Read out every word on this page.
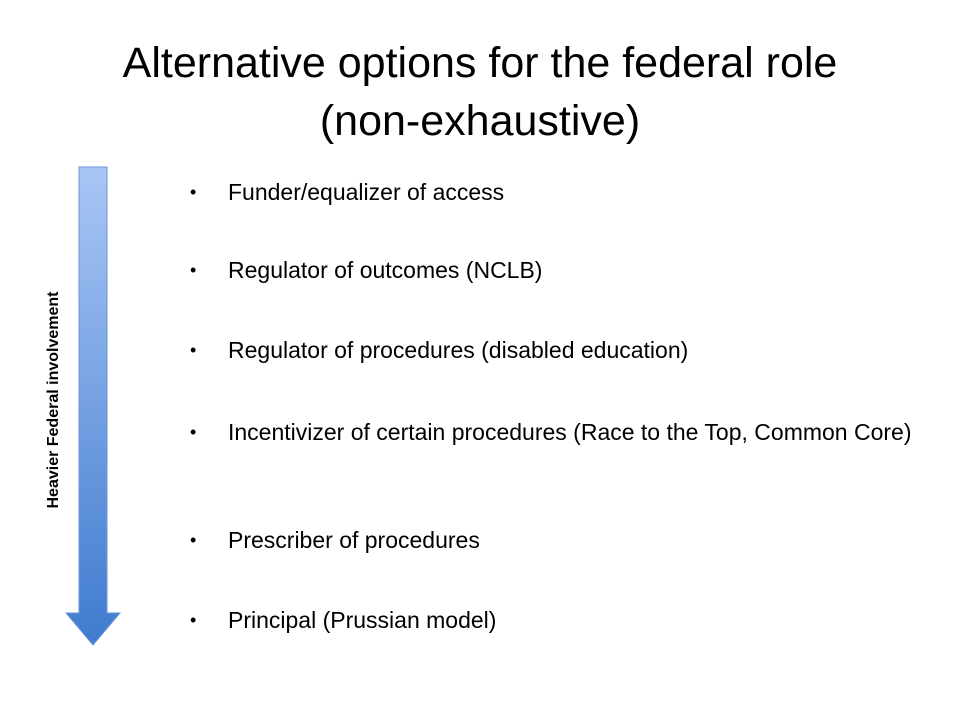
Alternative options for the federal role
(non-exhaustive)
Heavier Federal involvement
•	Funder/equalizer of access
•	Regulator of outcomes (NCLB)
•	Regulator of procedures (disabled education)
•	Incentivizer of certain procedures (Race to the Top, Common Core)
•	Prescriber of procedures
•	Principal (Prussian model)
